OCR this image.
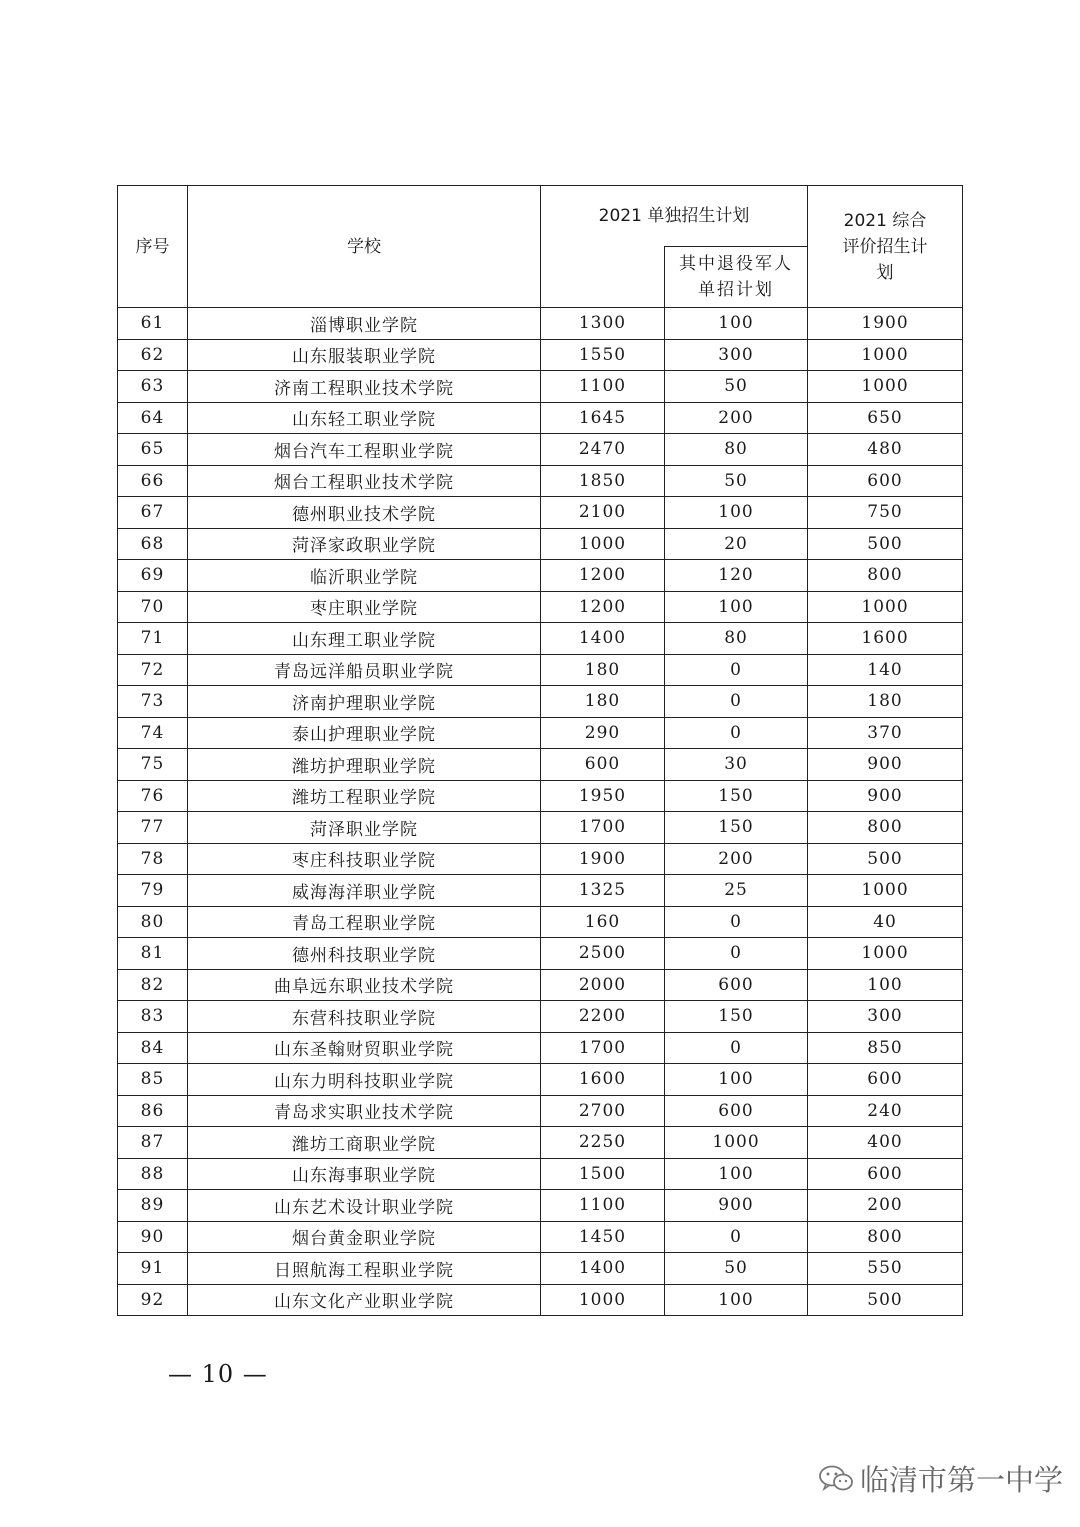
序号	学校	2021 单独招生计划		2021 综合评价招生计划
			其中退役军人单招计划	
61	淄博职业学院	1300	100	1900
62	山东服装职业学院	1550	300	1000
63	济南工程职业技术学院	1100	50	1000
64	山东轻工职业学院	1645	200	650
65	烟台汽车工程职业学院	2470	80	480
66	烟台工程职业技术学院	1850	50	600
67	德州职业技术学院	2100	100	750
68	菏泽家政职业学院	1000	20	500
69	临沂职业学院	1200	120	800
70	枣庄职业学院	1200	100	1000
71	山东理工职业学院	1400	80	1600
72	青岛远洋船员职业学院	180	0	140
73	济南护理职业学院	180	0	180
74	泰山护理职业学院	290	0	370
75	潍坊护理职业学院	600	30	900
76	潍坊工程职业学院	1950	150	900
77	菏泽职业学院	1700	150	800
78	枣庄科技职业学院	1900	200	500
79	威海海洋职业学院	1325	25	1000
80	青岛工程职业学院	160	0	40
81	德州科技职业学院	2500	0	1000
82	曲阜远东职业技术学院	2000	600	100
83	东营科技职业学院	2200	150	300
84	山东圣翰财贸职业学院	1700	0	850
85	山东力明科技职业学院	1600	100	600
86	青岛求实职业技术学院	2700	600	240
87	潍坊工商职业学院	2250	1000	400
88	山东海事职业学院	1500	100	600
89	山东艺术设计职业学院	1100	900	200
90	烟台黄金职业学院	1450	0	800
91	日照航海工程职业学院	1400	50	550
92	山东文化产业职业学院	1000	100	500
— 10 —
临清市第一中学
